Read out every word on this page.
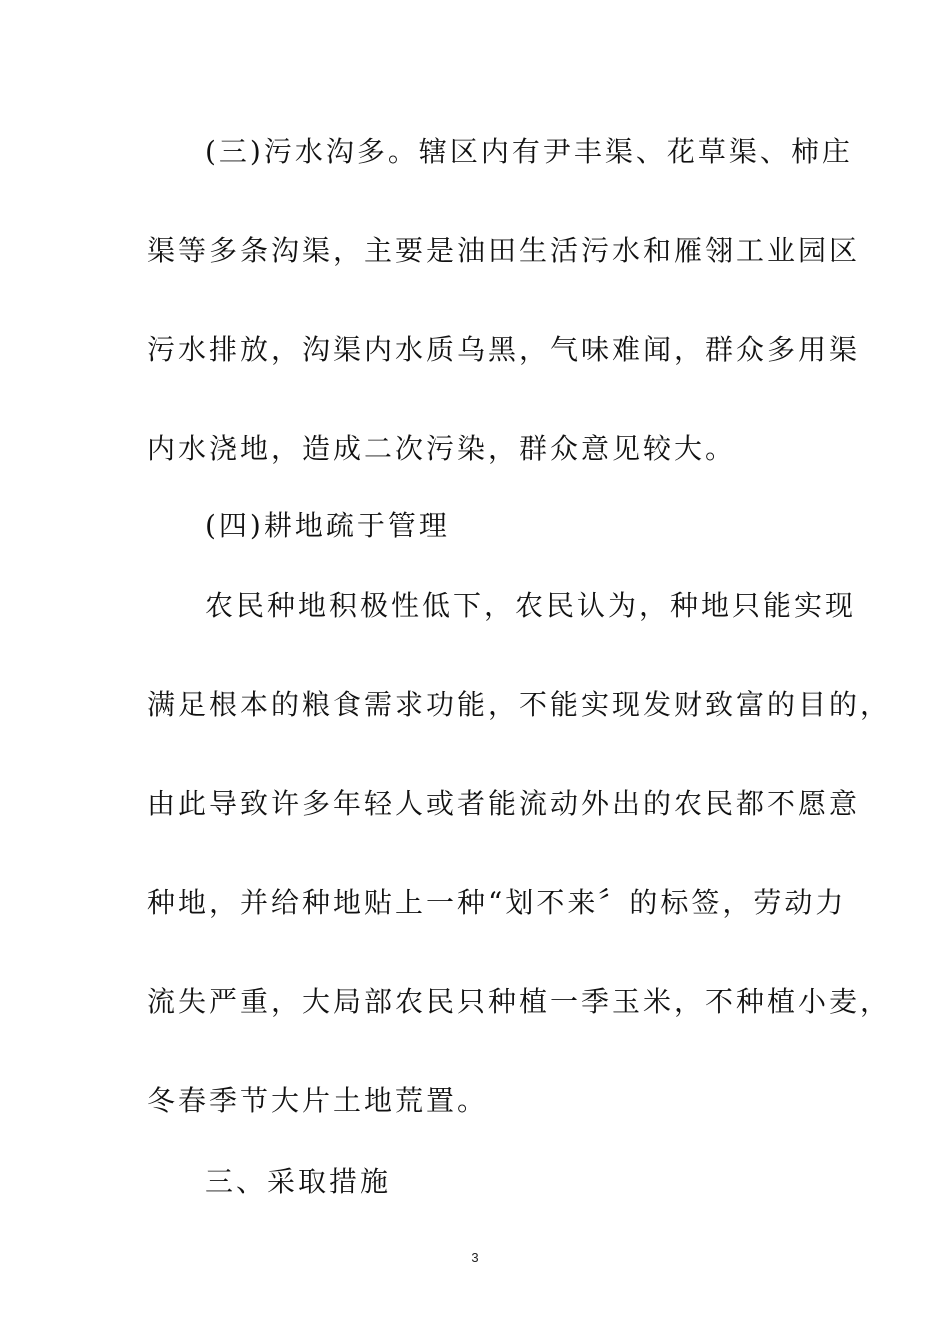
(三)污水沟多。辖区内有尹丰渠、花草渠、柿庄
渠等多条沟渠，主要是油田生活污水和雁翎工业园区
污水排放，沟渠内水质乌黑，气味难闻，群众多用渠
内水浇地，造成二次污染，群众意见较大。
(四)耕地疏于管理
农民种地积极性低下，农民认为，种地只能实现
满足根本的粮食需求功能，不能实现发财致富的目的，
由此导致许多年轻人或者能流动外出的农民都不愿意
种地，并给种地贴上一种“划不来〞的标签，劳动力
流失严重，大局部农民只种植一季玉米，不种植小麦，
冬春季节大片土地荒置。
三、采取措施
3
